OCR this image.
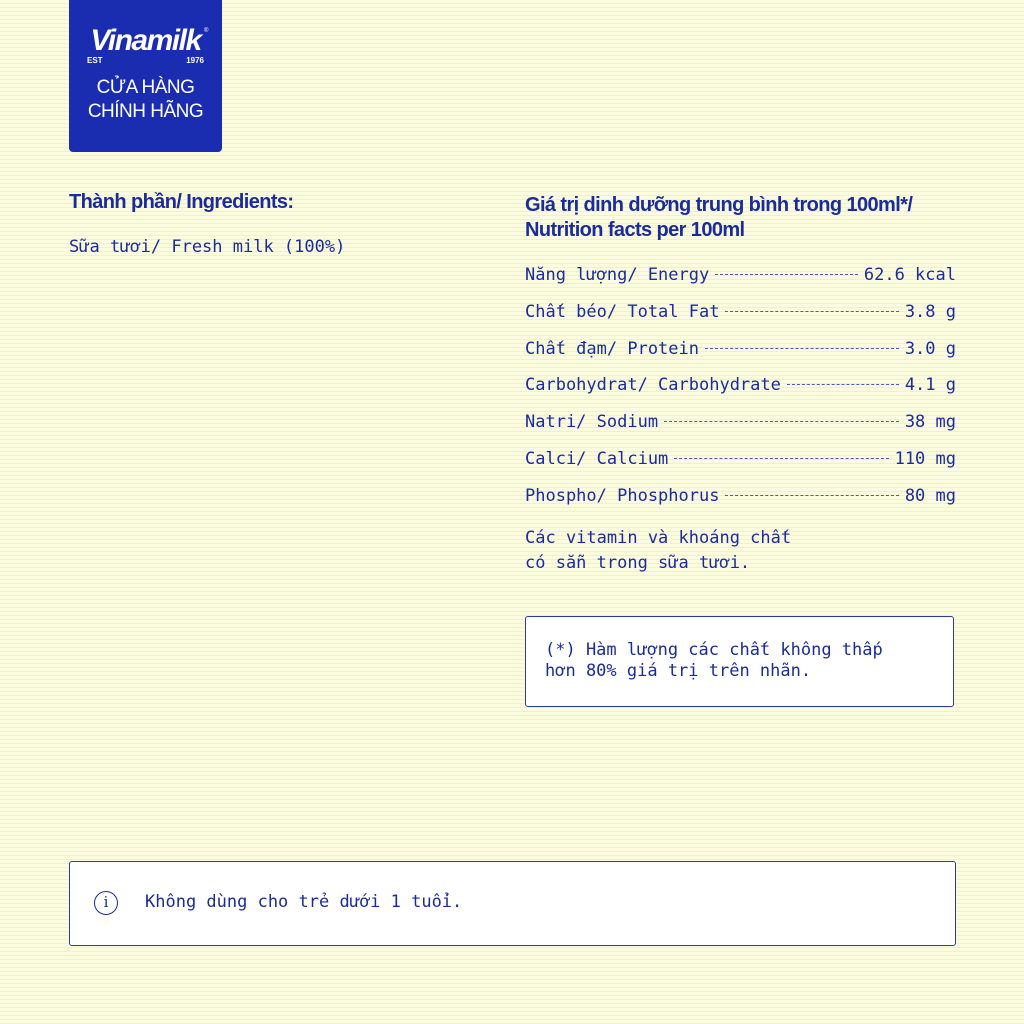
Vinamilk ®
EST	1976
CỬA HÀNG
CHÍNH HÃNG
Thành phần/ Ingredients:
Sữa tươi/ Fresh milk (100%)
Giá trị dinh dưỡng trung bình trong 100ml*/
Nutrition facts per 100ml
Năng lượng/ Energy	62.6 kcal
Chất béo/ Total Fat	3.8 g
Chất đạm/ Protein	3.0 g
Carbohydrat/ Carbohydrate	4.1 g
Natri/ Sodium	38 mg
Calci/ Calcium	110 mg
Phospho/ Phosphorus	80 mg
Các vitamin và khoáng chất
có sẵn trong sữa tươi.
(*) Hàm lượng các chất không thấp
hơn 80% giá trị trên nhãn.
i	Không dùng cho trẻ dưới 1 tuổi.
